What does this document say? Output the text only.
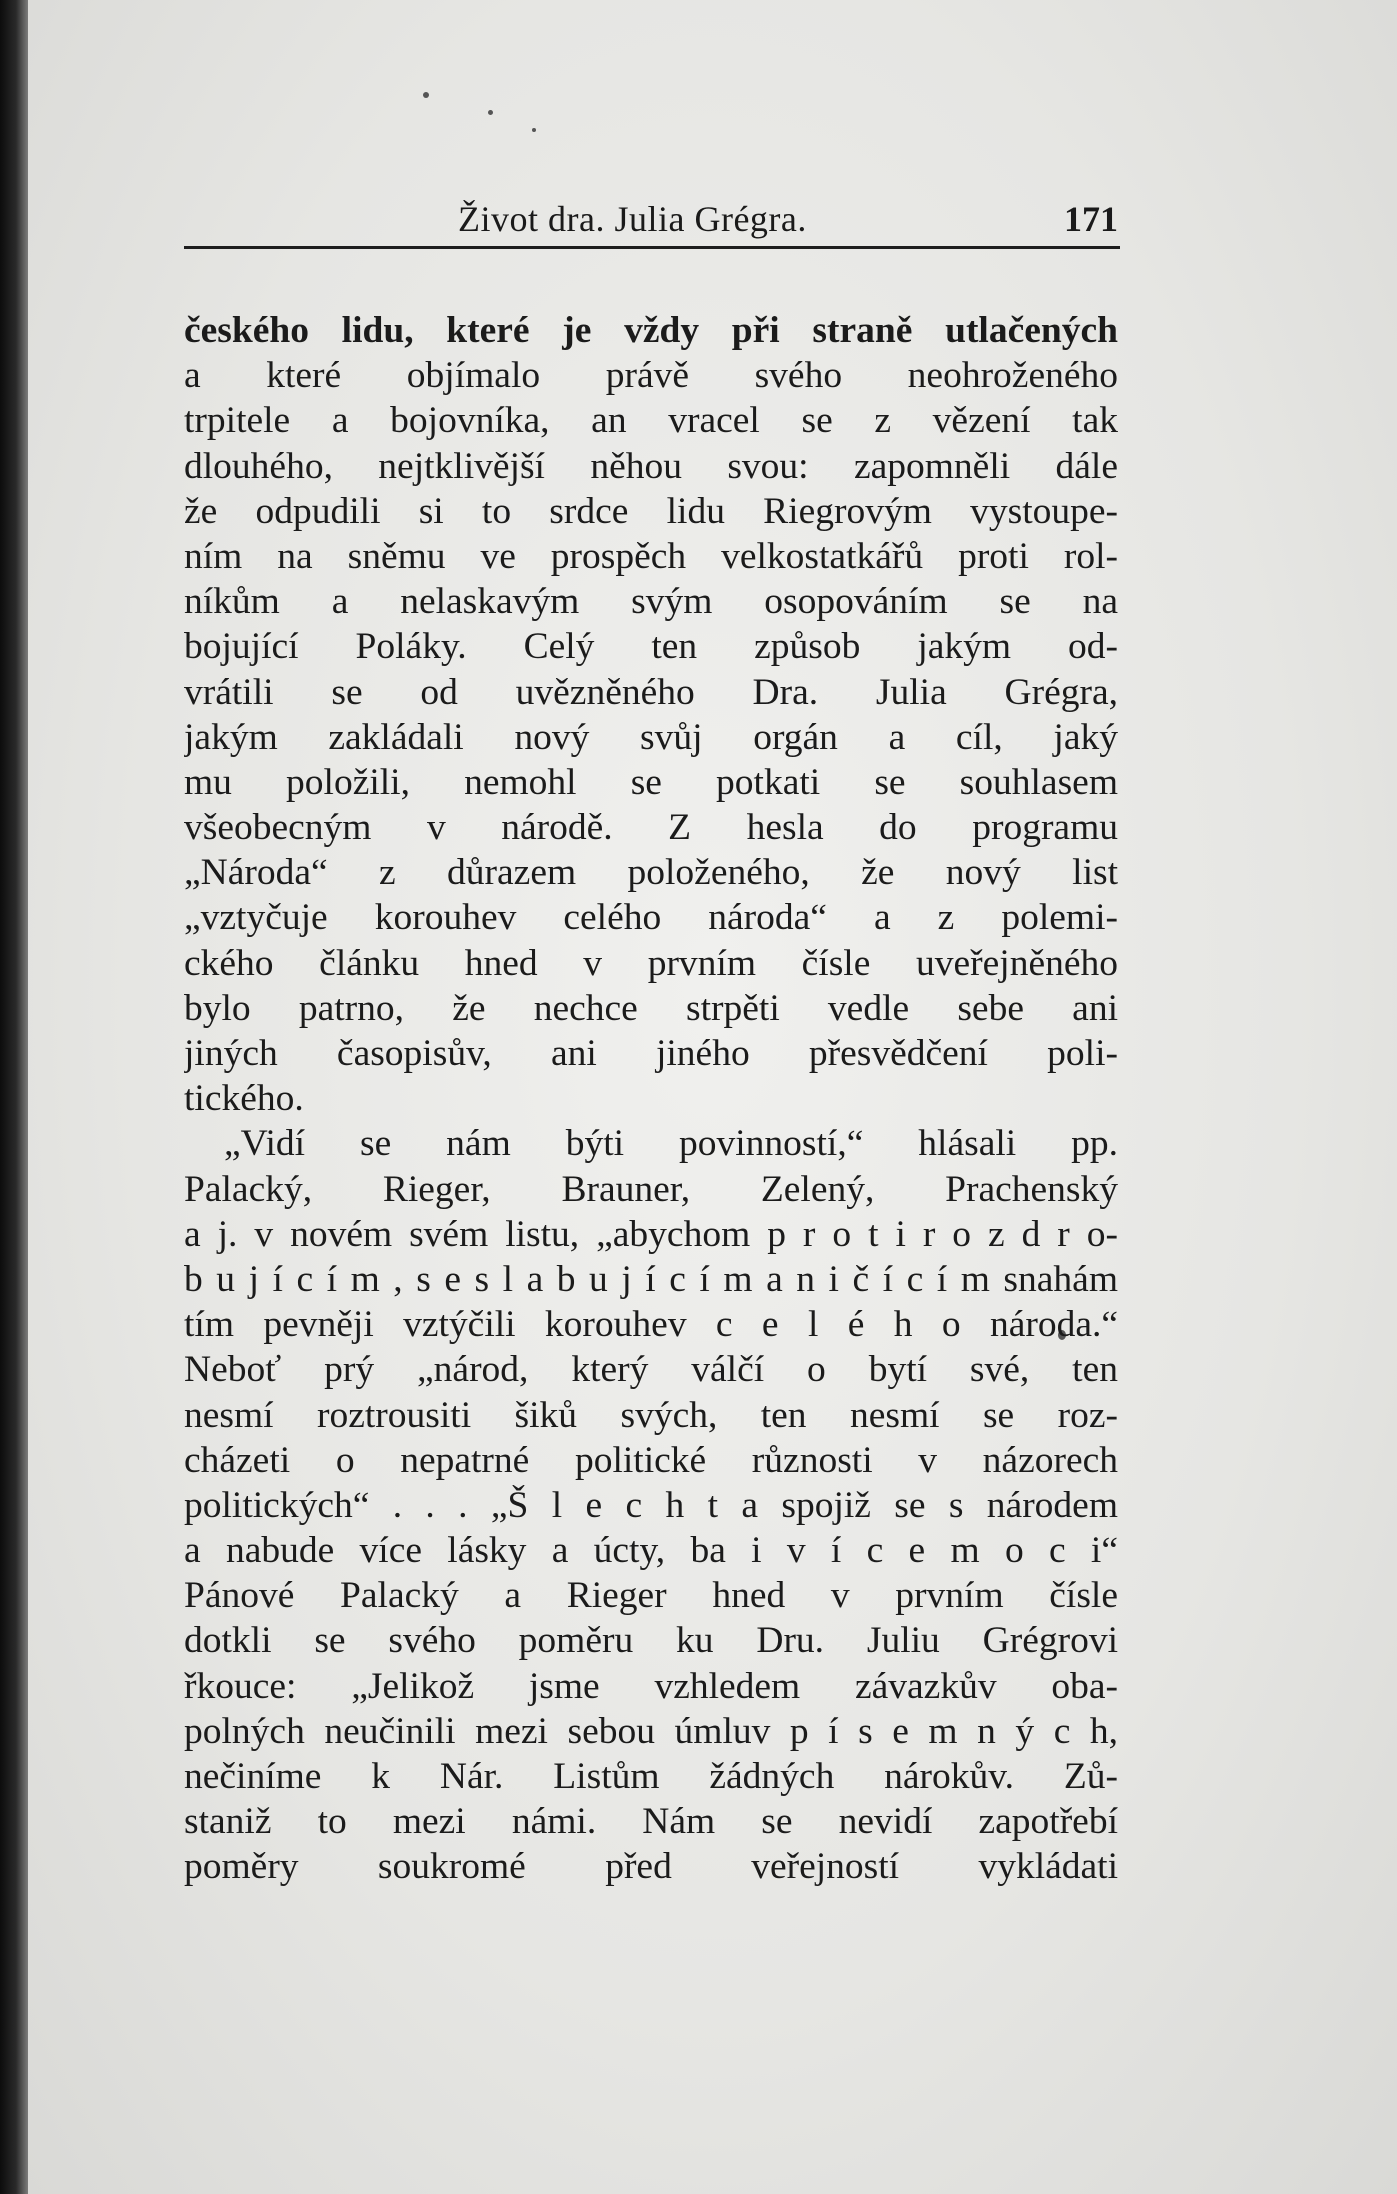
Život dra. Julia Grégra.	171
českého lidu, které je vždy při straně utlačených
a které objímalo právě svého neohroženého
trpitele a bojovníka, an vracel se z vězení tak
dlouhého, nejtklivější něhou svou: zapomněli dále
že odpudili si to srdce lidu Riegrovým vystoupe-
ním na sněmu ve prospěch velkostatkářů proti rol-
níkům a nelaskavým svým osopováním se na
bojující Poláky. Celý ten způsob jakým od-
vrátili se od uvězněného Dra. Julia Grégra,
jakým zakládali nový svůj orgán a cíl, jaký
mu položili, nemohl se potkati se souhlasem
všeobecným v národě. Z hesla do programu
„Národa“ z důrazem položeného, že nový list
„vztyčuje korouhev celého národa“ a z polemi-
ckého článku hned v prvním čísle uveřejněného
bylo patrno, že nechce strpěti vedle sebe ani
jiných časopisův, ani jiného přesvědčení poli-
tického.
„Vidí se nám býti povinností,“ hlásali pp.
Palacký, Rieger, Brauner, Zelený, Prachenský
a j. v novém svém listu, „abychom p r o t i r o z d r o-
b u j í c í m , s e s l a b u j í c í m a n i č í c í m snahám
tím pevněji vztýčili korouhev c e l é h o národa.“
Neboť prý „národ, který válčí o bytí své, ten
nesmí roztrousiti šiků svých, ten nesmí se roz-
cházeti o nepatrné politické různosti v názorech
politických“ . . . „Š l e c h t a spojiž se s národem
a nabude více lásky a úcty, ba i v í c e m o c i“
Pánové Palacký a Rieger hned v prvním čísle
dotkli se svého poměru ku Dru. Juliu Grégrovi
řkouce: „Jelikož jsme vzhledem závazkův oba-
polných neučinili mezi sebou úmluv p í s e m n ý c h,
nečiníme k Nár. Listům žádných nárokův. Zů-
staniž to mezi námi. Nám se nevidí zapotřebí
poměry soukromé před veřejností vykládati
